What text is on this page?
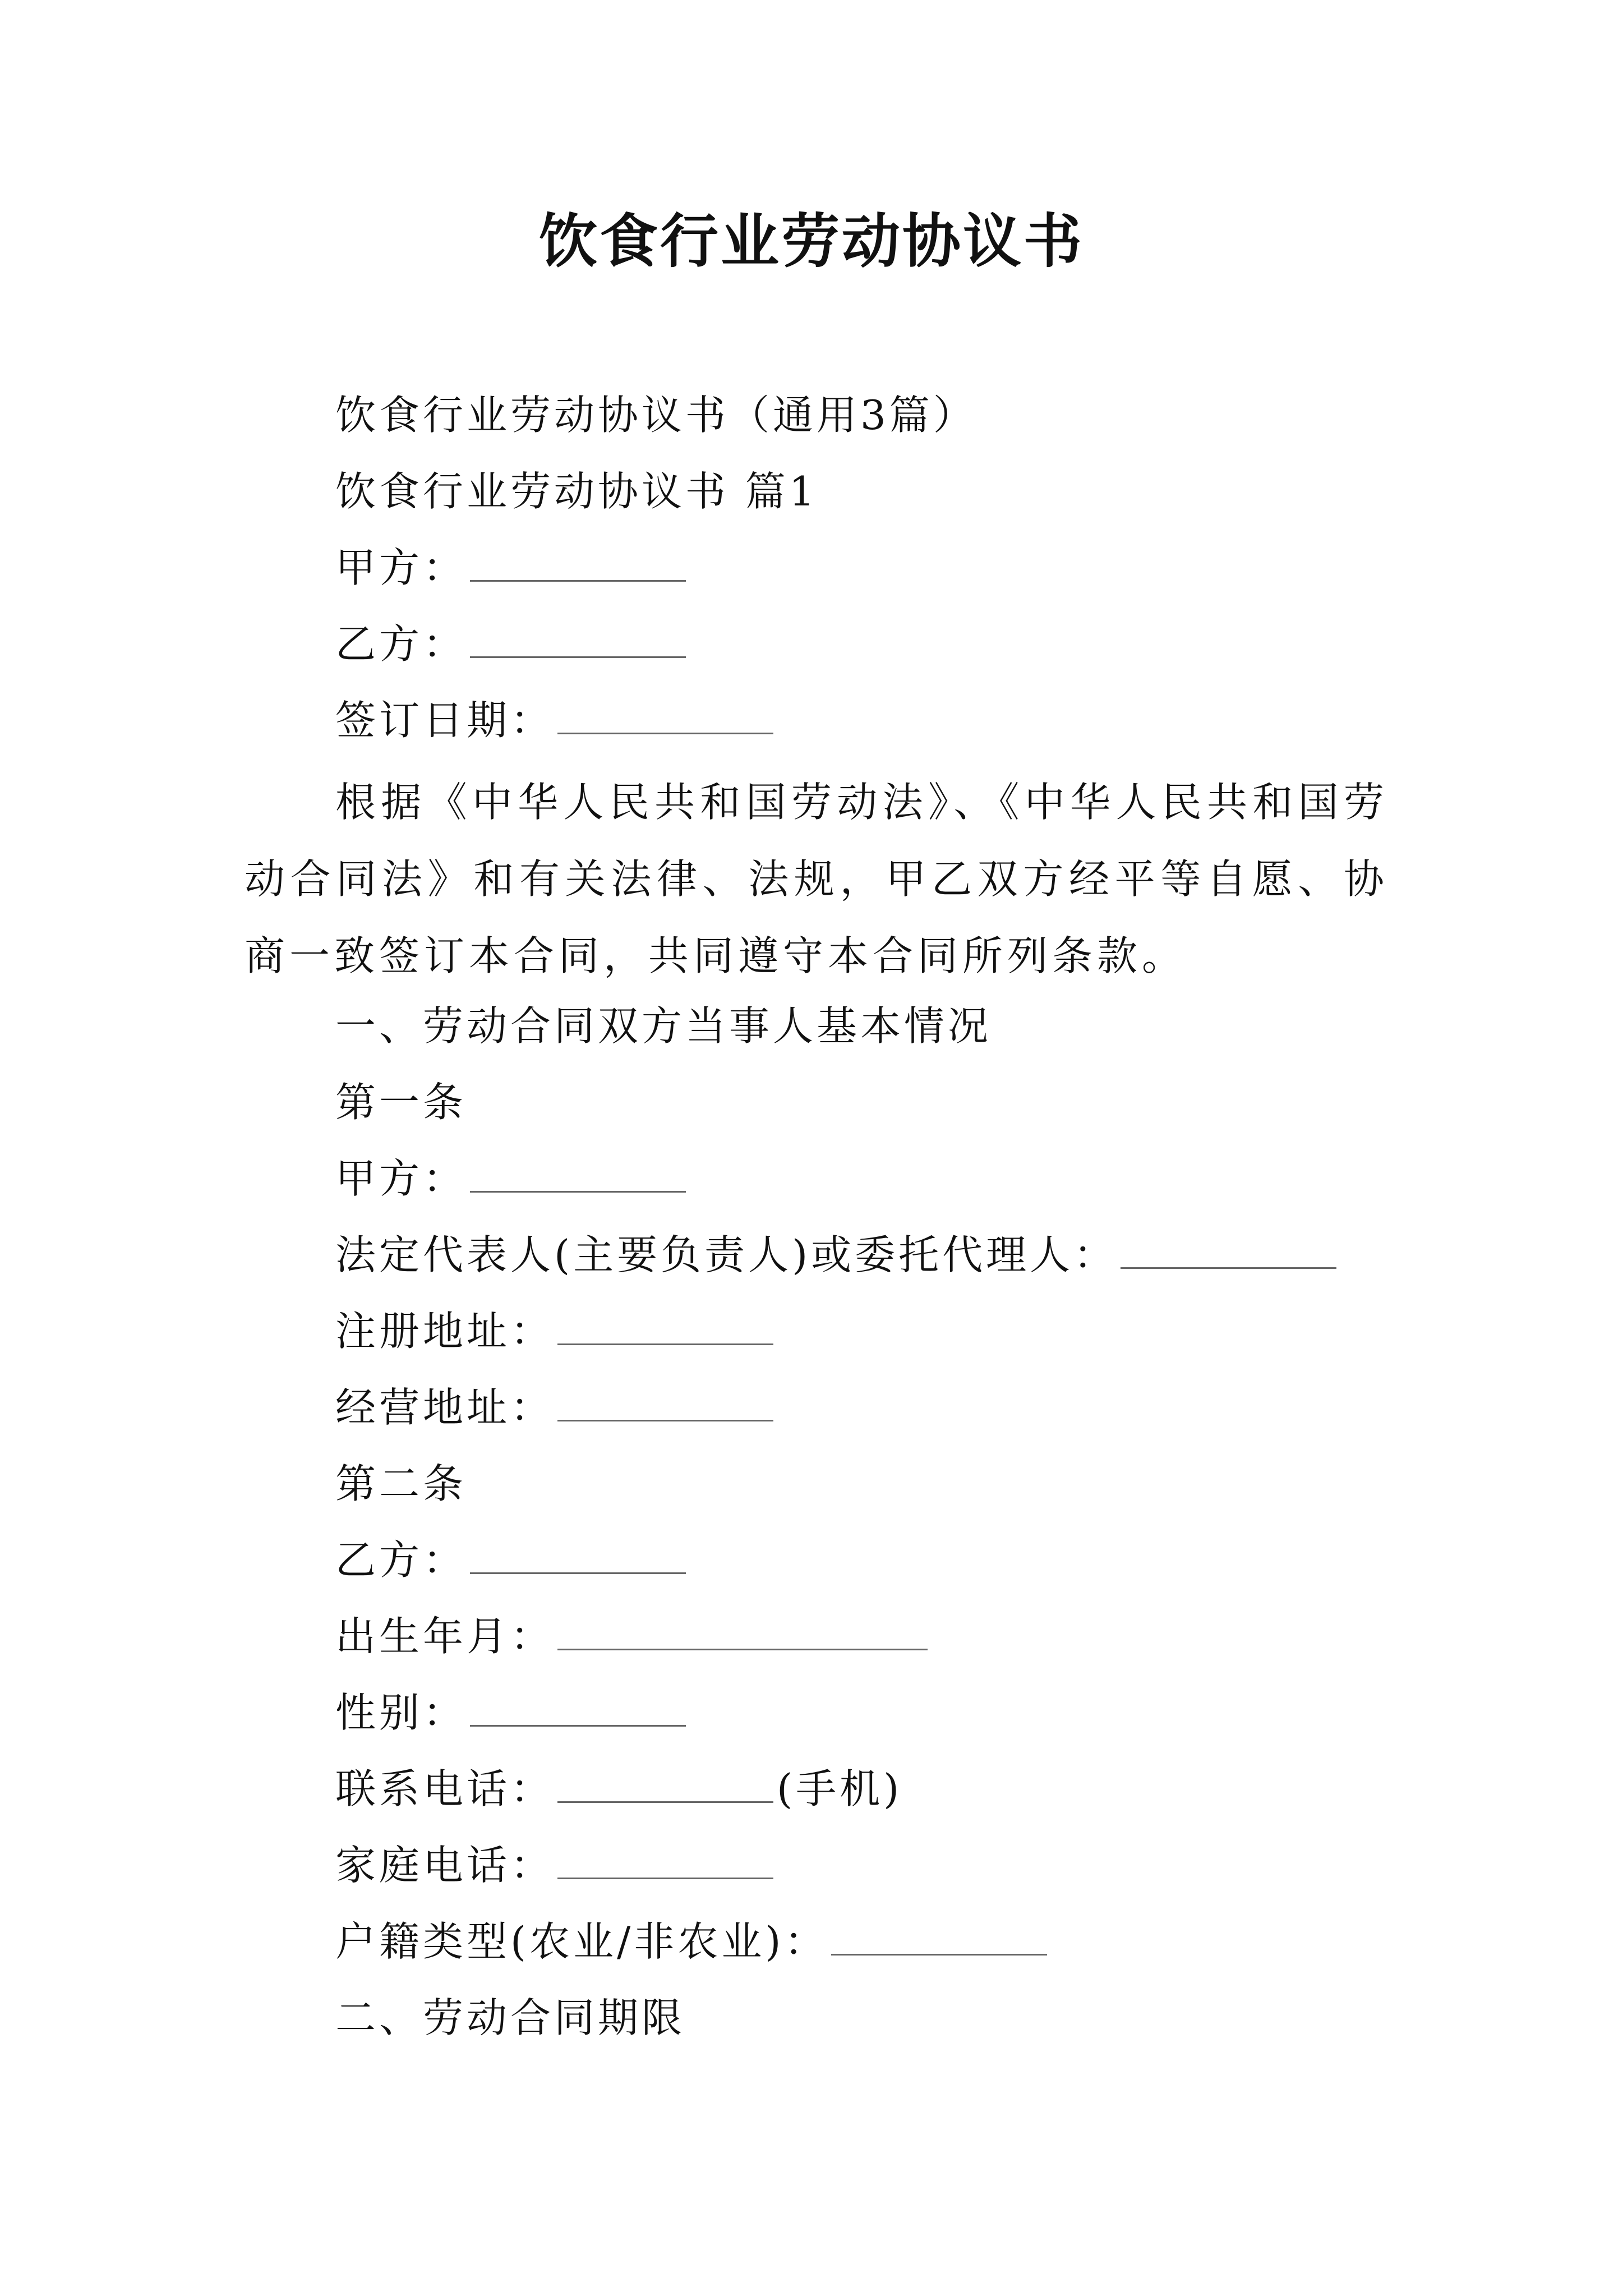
饮食行业劳动协议书
饮食行业劳动协议书（通用3篇）
饮食行业劳动协议书 篇1
甲方：
乙方：
签订日期：
根据《中华人民共和国劳动法》、《中华人民共和国劳动合同法》和有关法律、法规，甲乙双方经平等自愿、协商一致签订本合同，共同遵守本合同所列条款。
一、劳动合同双方当事人基本情况
第一条
甲方：
法定代表人(主要负责人)或委托代理人：
注册地址：
经营地址：
第二条
乙方：
出生年月：
性别：
联系电话：	(手机)
家庭电话：
户籍类型(农业/非农业)：
二、劳动合同期限
